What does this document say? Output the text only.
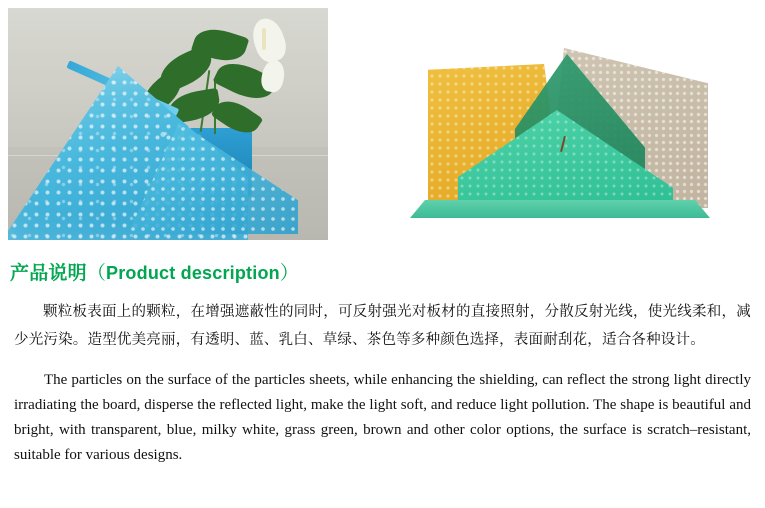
产品说明（Product description）

颗粒板表面上的颗粒，在增强遮蔽性的同时，可反射强光对板材的直接照射，分散反射光线，使光线柔和，减少光污染。造型优美亮丽，有透明、蓝、乳白、草绿、茶色等多种颜色选择，表面耐刮花，适合各种设计。

The particles on the surface of the particles sheets, while enhancing the shielding, can reflect the strong light directly irradiating the board, disperse the reflected light, make the light soft, and reduce light pollution. The shape is beautiful and bright, with transparent, blue, milky white, grass green, brown and other color options, the surface is scratch–resistant, suitable for various designs.
